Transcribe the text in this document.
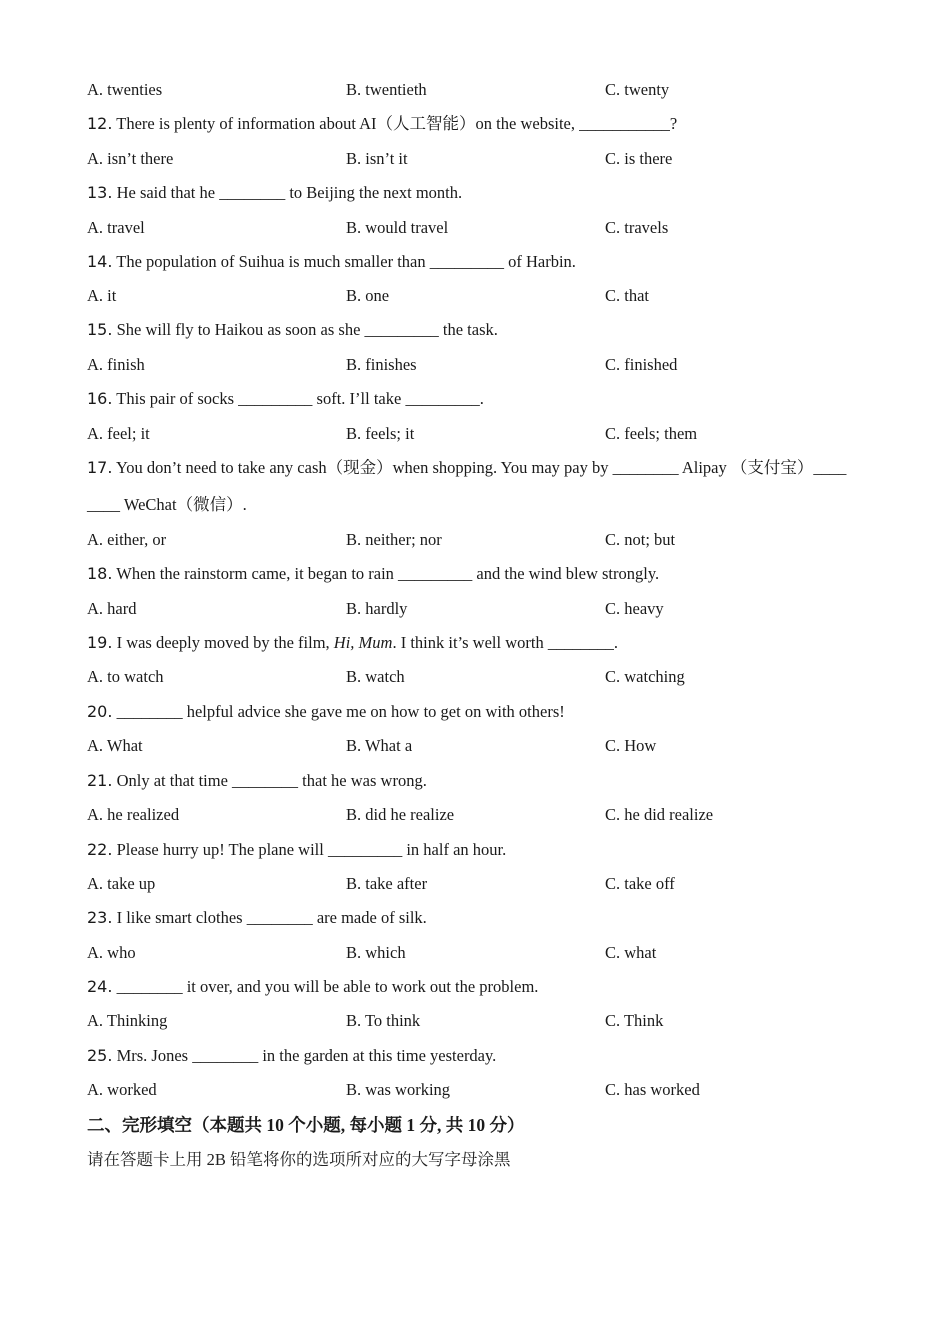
A. twenties	B. twentieth	C. twenty
12. There is plenty of information about AI（人工智能）on the website, ___________?
A. isn’t there	B. isn’t it	C. is there
13. He said that he ________ to Beijing the next month.
A. travel	B. would travel	C. travels
14. The population of Suihua is much smaller than _________ of Harbin.
A. it	B. one	C. that
15. She will fly to Haikou as soon as she _________ the task.
A. finish	B. finishes	C. finished
16. This pair of socks _________ soft. I’ll take _________.
A. feel; it	B. feels; it	C. feels; them
17. You don’t need to take any cash（现金）when shopping. You may pay by ________ Alipay （支付宝）____
____ WeChat（微信）.
A. either, or	B. neither; nor	C. not; but
18. When the rainstorm came, it began to rain _________ and the wind blew strongly.
A. hard	B. hardly	C. heavy
19. I was deeply moved by the film, Hi, Mum. I think it’s well worth ________.
A. to watch	B. watch	C. watching
20. ________ helpful advice she gave me on how to get on with others!
A. What	B. What a	C. How
21. Only at that time ________ that he was wrong.
A. he realized	B. did he realize	C. he did realize
22. Please hurry up! The plane will _________ in half an hour.
A. take up	B. take after	C. take off
23. I like smart clothes ________ are made of silk.
A. who	B. which	C. what
24. ________ it over, and you will be able to work out the problem.
A. Thinking	B. To think	C. Think
25. Mrs. Jones ________ in the garden at this time yesterday.
A. worked	B. was working	C. has worked
二、完形填空（本题共 10 个小题, 每小题 1 分, 共 10 分）
请在答题卡上用 2B 铅笔将你的选项所对应的大写字母涂黑
